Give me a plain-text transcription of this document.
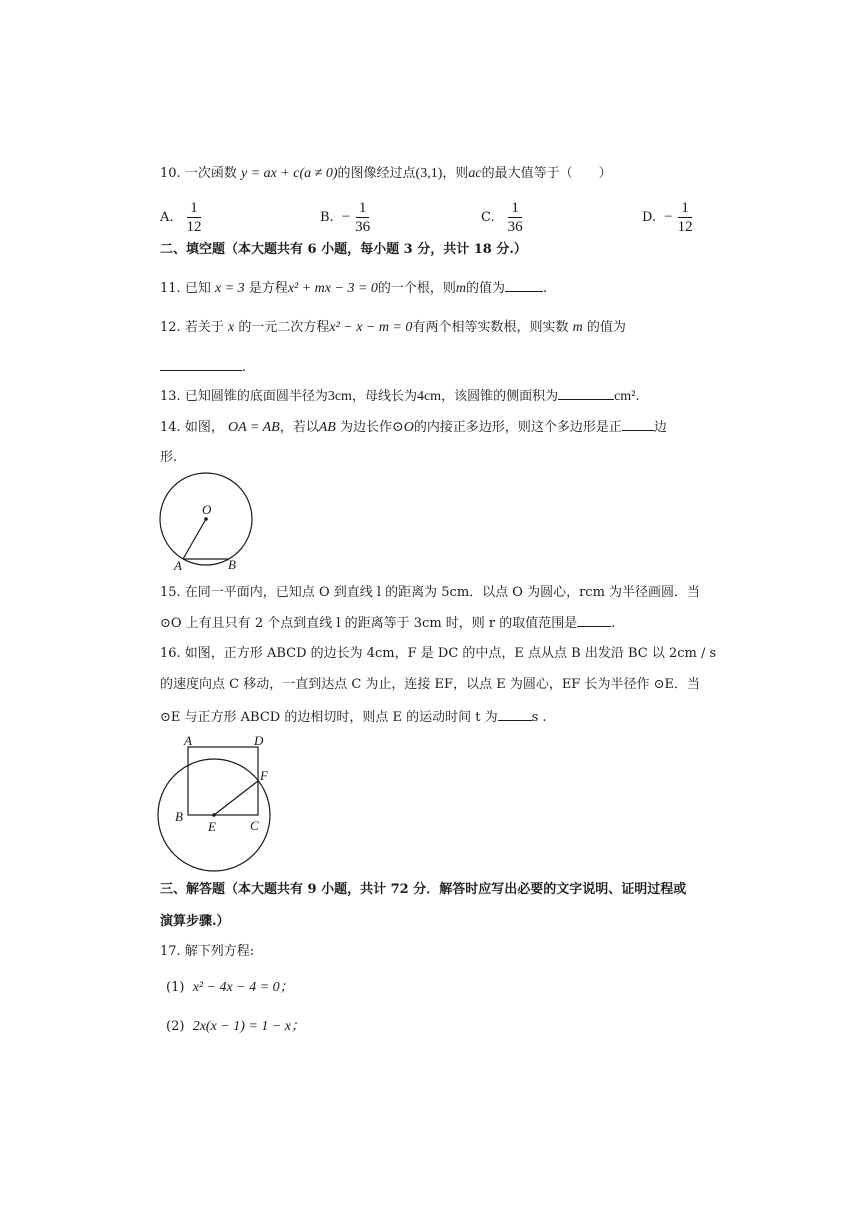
10. 一次函数 y = ax + c(a ≠ 0)的图像经过点(3,1)，则ac的最大值等于（　　）
A. $\frac{1}{12}$	B. − $\frac{1}{36}$	C. $\frac{1}{36}$	D. − $\frac{1}{12}$
二、填空题（本大题共有 6 小题，每小题 3 分，共计 18 分.）
11. 已知 x = 3 是方程x² + mx − 3 = 0的一个根，则m的值为	.
12. 若关于 x 的一元二次方程x² − x − m = 0有两个相等实数根，则实数 m 的值为
.
13. 已知圆锥的底面圆半径为3cm，母线长为4cm，该圆锥的侧面积为	cm².
14. 如图， OA = AB，若以AB 为边长作⊙O的内接正多边形，则这个多边形是正 边
形.
O
A	B
15. 在同一平面内，已知点 O 到直线 l 的距离为 5cm．以点 O 为圆心，rcm 为半径画圆．当
⊙O 上有且只有 2 个点到直线 l 的距离等于 3cm 时，则 r 的取值范围是	.
16. 如图，正方形 ABCD 的边长为 4cm，F 是 DC 的中点，E 点从点 B 出发沿 BC 以 2cm / s
的速度向点 C 移动，一直到达点 C 为止，连接 EF，以点 E 为圆心，EF 长为半径作 ⊙E．当
⊙E 与正方形 ABCD 的边相切时，则点 E 的运动时间 t 为	s .
A	D
F
B
E	C
三、解答题（本大题共有 9 小题，共计 72 分．解答时应写出必要的文字说明、证明过程或
演算步骤.）
17. 解下列方程:
(1) x² − 4x − 4 = 0；
(2) 2x(x − 1) = 1 − x；
